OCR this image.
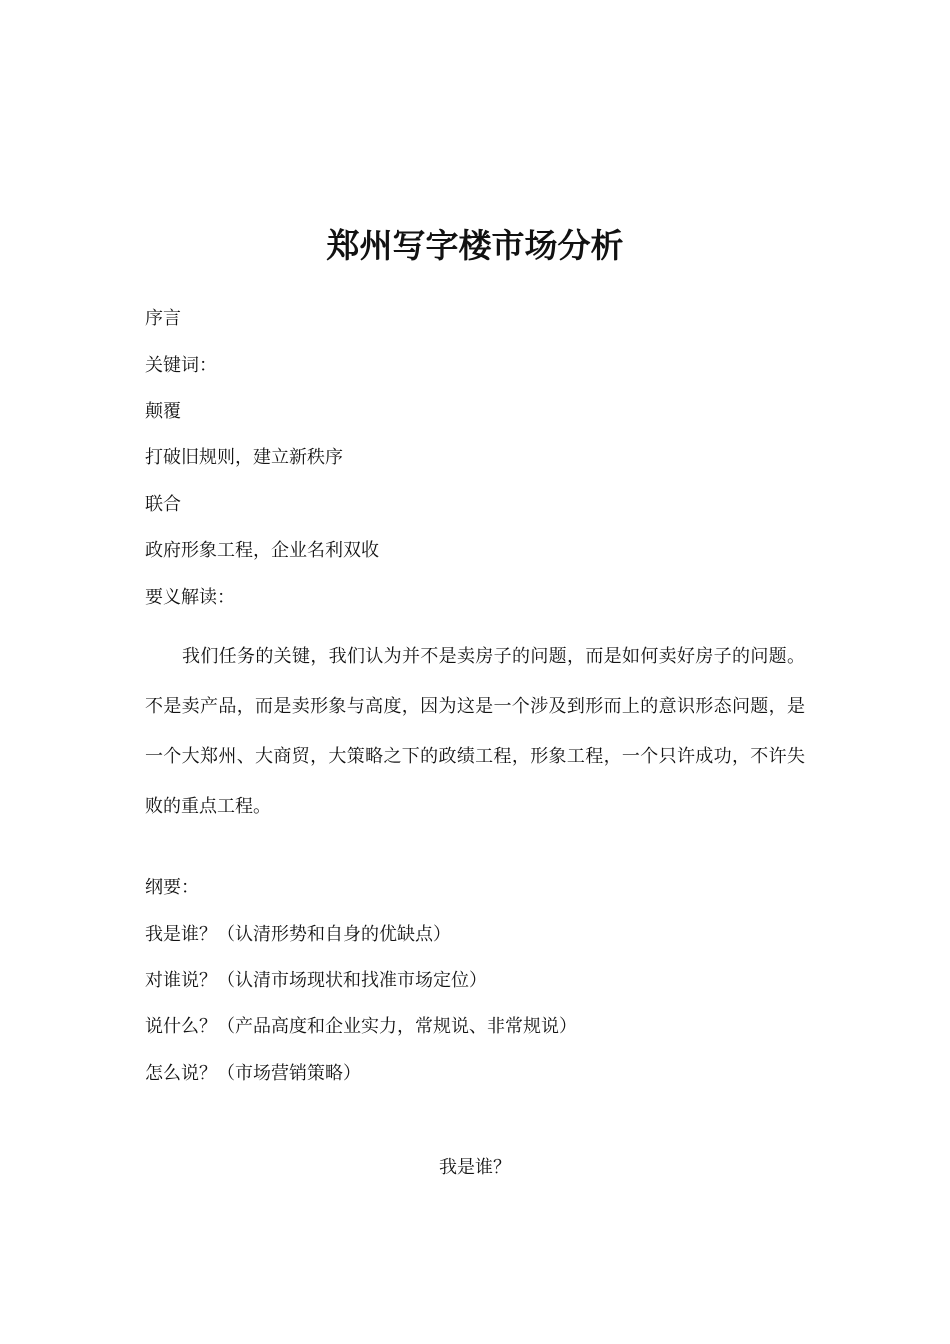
郑州写字楼市场分析
序言
关键词：
颠覆
打破旧规则，建立新秩序
联合
政府形象工程，企业名利双收
要义解读：
我们任务的关键，我们认为并不是卖房子的问题，而是如何卖好房子的问题。不是卖产品，而是卖形象与高度，因为这是一个涉及到形而上的意识形态问题，是一个大郑州、大商贸，大策略之下的政绩工程，形象工程，一个只许成功，不许失败的重点工程。
纲要：
我是谁？（认清形势和自身的优缺点）
对谁说？（认清市场现状和找准市场定位）
说什么？（产品高度和企业实力，常规说、非常规说）
怎么说？（市场营销策略）
我是谁？
